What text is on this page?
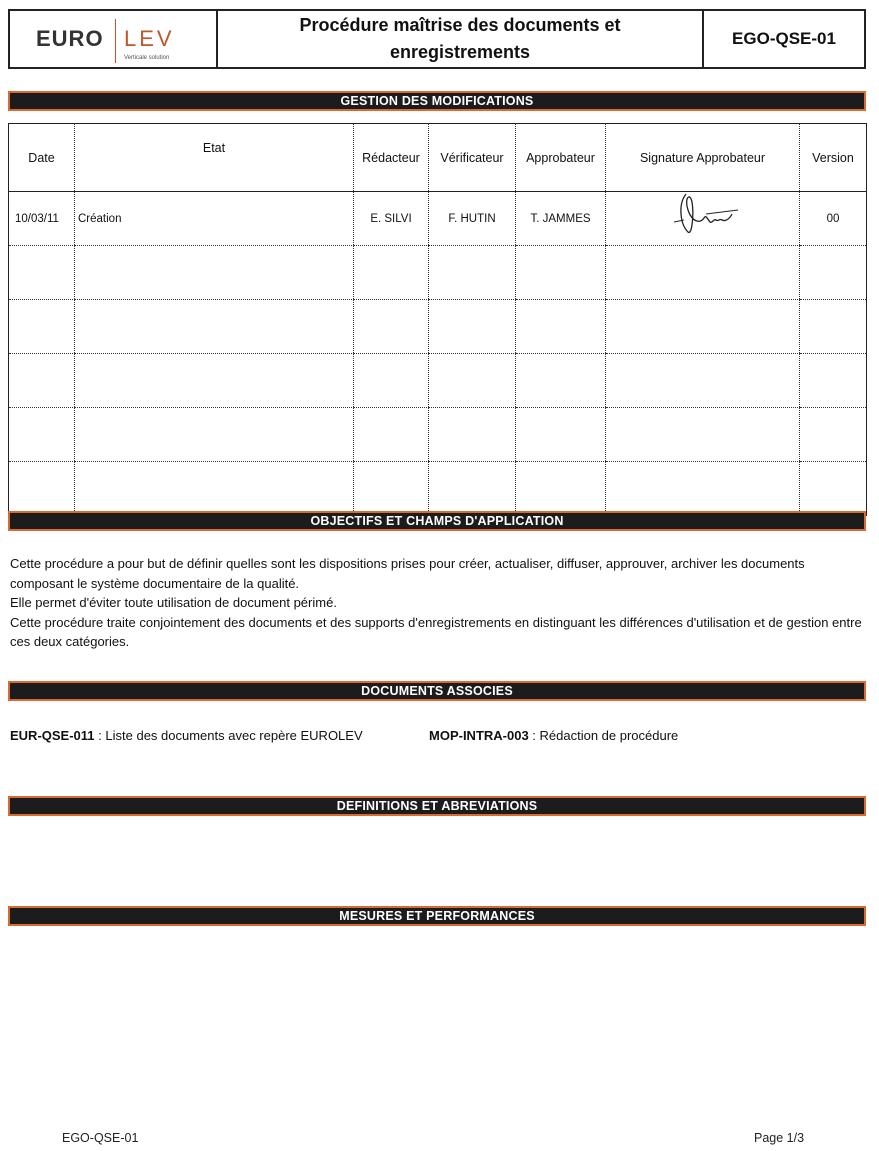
EURO LEV
Verticale solution
Procédure maîtrise des documents et
enregistrements
EGO-QSE-01
GESTION DES MODIFICATIONS
Date	Etat	Rédacteur	Vérificateur	Approbateur	Signature Approbateur	Version
10/03/11	Création	E. SILVI	F. HUTIN	T. JAMMES		00

OBJECTIFS ET CHAMPS D'APPLICATION

Cette procédure a pour but de définir quelles sont les dispositions prises pour créer, actualiser, diffuser, approuver, archiver les documents composant le système documentaire de la qualité.

Elle permet d'éviter toute utilisation de document périmé.

Cette procédure traite conjointement des documents et des supports d'enregistrements en distinguant les différences d'utilisation et de gestion entre ces deux catégories.

DOCUMENTS ASSOCIES
EUR-QSE-011 : Liste des documents avec repère EUROLEV	MOP-INTRA-003 : Rédaction de procédure
DEFINITIONS ET ABREVIATIONS
MESURES ET PERFORMANCES
EGO-QSE-01	Page 1/3
